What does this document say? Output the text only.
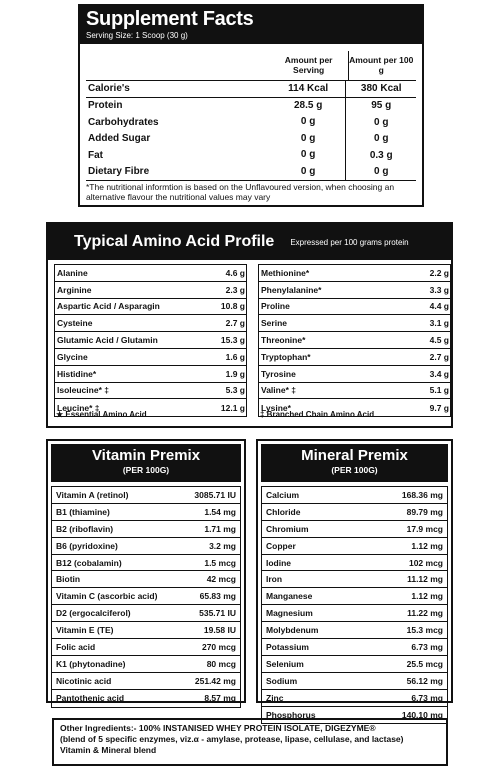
Supplement Facts
Serving Size: 1 Scoop (30 g)
Amount per Serving
Amount per 100 g
Calorie's	114 Kcal	380 Kcal
Protein	28.5 g	95 g
Carbohydrates	0 g	0 g
Added Sugar	0 g	0 g
Fat	0 g	0.3 g
Dietary Fibre	0 g	0 g
*The nutritional informtion is based on the Unflavoured version, when choosing an alternative flavour the nutritional values may vary
Typical Amino Acid Profile Expressed per 100 grams protein
Alanine	4.6 g
Arginine	2.3 g
Aspartic Acid / Asparagin	10.8 g
Cysteine	2.7 g
Glutamic Acid / Glutamin	15.3 g
Glycine	1.6 g
Histidine*	1.9 g
Isoleucine* ‡	5.3 g
Leucine* ‡	12.1 g
Methionine*	2.2 g
Phenylalanine*	3.3 g
Proline	4.4 g
Serine	3.1 g
Threonine*	4.5 g
Tryptophan*	2.7 g
Tyrosine	3.4 g
Valine* ‡	5.1 g
Lysine*	9.7 g
★ Essential Amino Acid	‡ Branched Chain Amino Acid
Vitamin Premix
(PER 100G)
Vitamin A (retinol)	3085.71 IU
B1 (thiamine)	1.54 mg
B2 (riboflavin)	1.71 mg
B6 (pyridoxine)	3.2 mg
B12 (cobalamin)	1.5 mcg
Biotin	42 mcg
Vitamin C (ascorbic acid)	65.83 mg
D2 (ergocalciferol)	535.71 IU
Vitamin E (TE)	19.58 IU
Folic acid	270 mcg
K1 (phytonadine)	80 mcg
Nicotinic acid	251.42 mg
Pantothenic acid	8.57 mg
Mineral Premix
(PER 100G)
Calcium	168.36 mg
Chloride	89.79 mg
Chromium	17.9 mcg
Copper	1.12 mg
Iodine	102 mcg
Iron	11.12 mg
Manganese	1.12 mg
Magnesium	11.22 mg
Molybdenum	15.3 mcg
Potassium	6.73 mg
Selenium	25.5 mcg
Sodium	56.12 mg
Zinc	6.73 mg
Phosphorus	140.10 mg
Other Ingredients:- 100% INSTANISED WHEY PROTEIN ISOLATE, DIGEZYME®
(blend of 5 specific enzymes, viz.α - amylase, protease, lipase, cellulase, and lactase)
Vitamin & Mineral blend
